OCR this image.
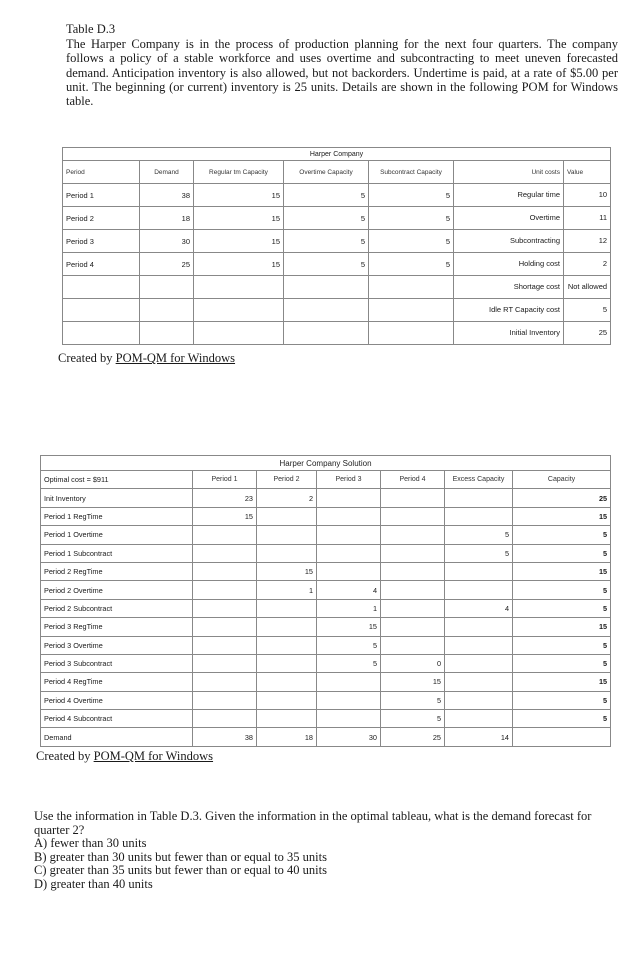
Table D.3

The Harper Company is in the process of production planning for the next four quarters. The company follows a policy of a stable workforce and uses overtime and subcontracting to meet uneven forecasted demand. Anticipation inventory is also allowed, but not backorders. Undertime is paid, at a rate of $5.00 per unit. The beginning (or current) inventory is 25 units. Details are shown in the following POM for Windows table.

Harper Company						
Period	Demand	Regular tm Capacity	Overtime Capacity	Subcontract Capacity	Unit costs	Value
Period 1	38	15	5	5	Regular time	10
Period 2	18	15	5	5	Overtime	11
Period 3	30	15	5	5	Subcontracting	12
Period 4	25	15	5	5	Holding cost	2
					Shortage cost	Not allowed
					Idle RT Capacity cost	5
					Initial Inventory	25
Created by POM-QM for Windows
Harper Company Solution						
Optimal cost = $911	Period 1	Period 2	Period 3	Period 4	Excess Capacity	Capacity
Init Inventory	23	2				25
Period 1 RegTime	15					15
Period 1 Overtime					5	5
Period 1 Subcontract					5	5
Period 2 RegTime		15				15
Period 2 Overtime		1	4			5
Period 2 Subcontract			1		4	5
Period 3 RegTime			15			15
Period 3 Overtime			5			5
Period 3 Subcontract			5	0		5
Period 4 RegTime				15		15
Period 4 Overtime				5		5
Period 4 Subcontract				5		5
Demand	38	18	30	25	14	
Created by POM-QM for Windows

Use the information in Table D.3. Given the information in the optimal tableau, what is the demand forecast for quarter 2?

A) fewer than 30 units

B) greater than 30 units but fewer than or equal to 35 units

C) greater than 35 units but fewer than or equal to 40 units

D) greater than 40 units
